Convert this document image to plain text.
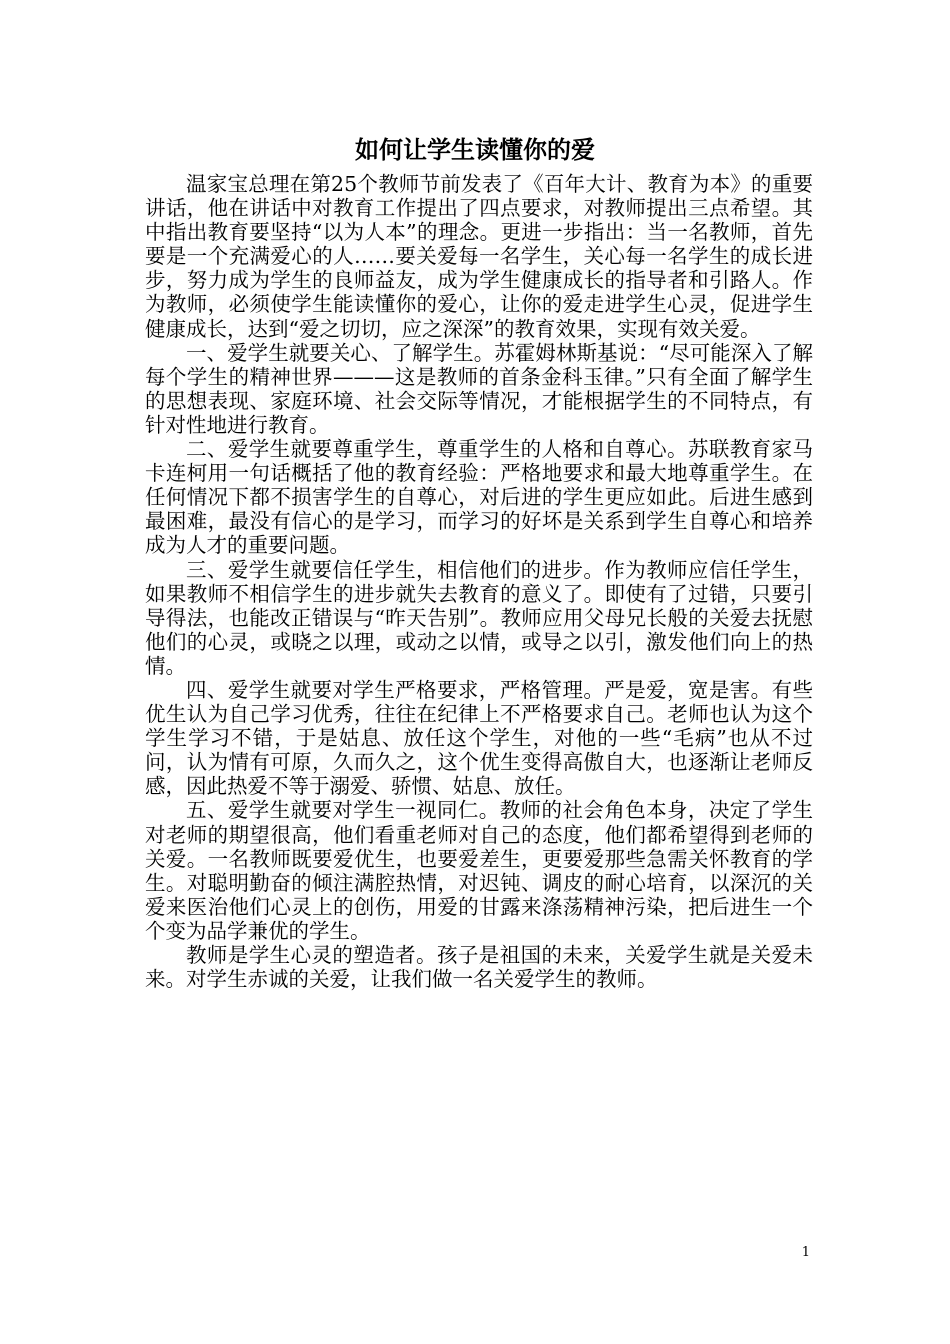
如何让学生读懂你的爱

温家宝总理在第25个教师节前发表了《百年大计、教育为本》的重要讲话，他在讲话中对教育工作提出了四点要求，对教师提出三点希望。其中指出教育要坚持“以为人本”的理念。更进一步指出：当一名教师，首先要是一个充满爱心的人……要关爱每一名学生，关心每一名学生的成长进步，努力成为学生的良师益友，成为学生健康成长的指导者和引路人。作为教师，必须使学生能读懂你的爱心，让你的爱走进学生心灵，促进学生健康成长，达到“爱之切切，应之深深”的教育效果，实现有效关爱。

一、爱学生就要关心、了解学生。苏霍姆林斯基说：“尽可能深入了解每个学生的精神世界———这是教师的首条金科玉律。”只有全面了解学生的思想表现、家庭环境、社会交际等情况，才能根据学生的不同特点，有针对性地进行教育。

二、爱学生就要尊重学生，尊重学生的人格和自尊心。苏联教育家马卡连柯用一句话概括了他的教育经验：严格地要求和最大地尊重学生。在任何情况下都不损害学生的自尊心，对后进的学生更应如此。后进生感到最困难，最没有信心的是学习，而学习的好坏是关系到学生自尊心和培养成为人才的重要问题。

三、爱学生就要信任学生，相信他们的进步。作为教师应信任学生，如果教师不相信学生的进步就失去教育的意义了。即使有了过错，只要引导得法，也能改正错误与“昨天告别”。教师应用父母兄长般的关爱去抚慰他们的心灵，或晓之以理，或动之以情，或导之以引，激发他们向上的热情。

四、爱学生就要对学生严格要求，严格管理。严是爱，宽是害。有些优生认为自己学习优秀，往往在纪律上不严格要求自己。老师也认为这个学生学习不错，于是姑息、放任这个学生，对他的一些“毛病”也从不过问，认为情有可原，久而久之，这个优生变得高傲自大，也逐渐让老师反感，因此热爱不等于溺爱、骄惯、姑息、放任。

五、爱学生就要对学生一视同仁。教师的社会角色本身，决定了学生对老师的期望很高，他们看重老师对自己的态度，他们都希望得到老师的关爱。一名教师既要爱优生，也要爱差生，更要爱那些急需关怀教育的学生。对聪明勤奋的倾注满腔热情，对迟钝、调皮的耐心培育，以深沉的关爱来医治他们心灵上的创伤，用爱的甘露来涤荡精神污染，把后进生一个个变为品学兼优的学生。

教师是学生心灵的塑造者。孩子是祖国的未来，关爱学生就是关爱未来。对学生赤诚的关爱，让我们做一名关爱学生的教师。

1
